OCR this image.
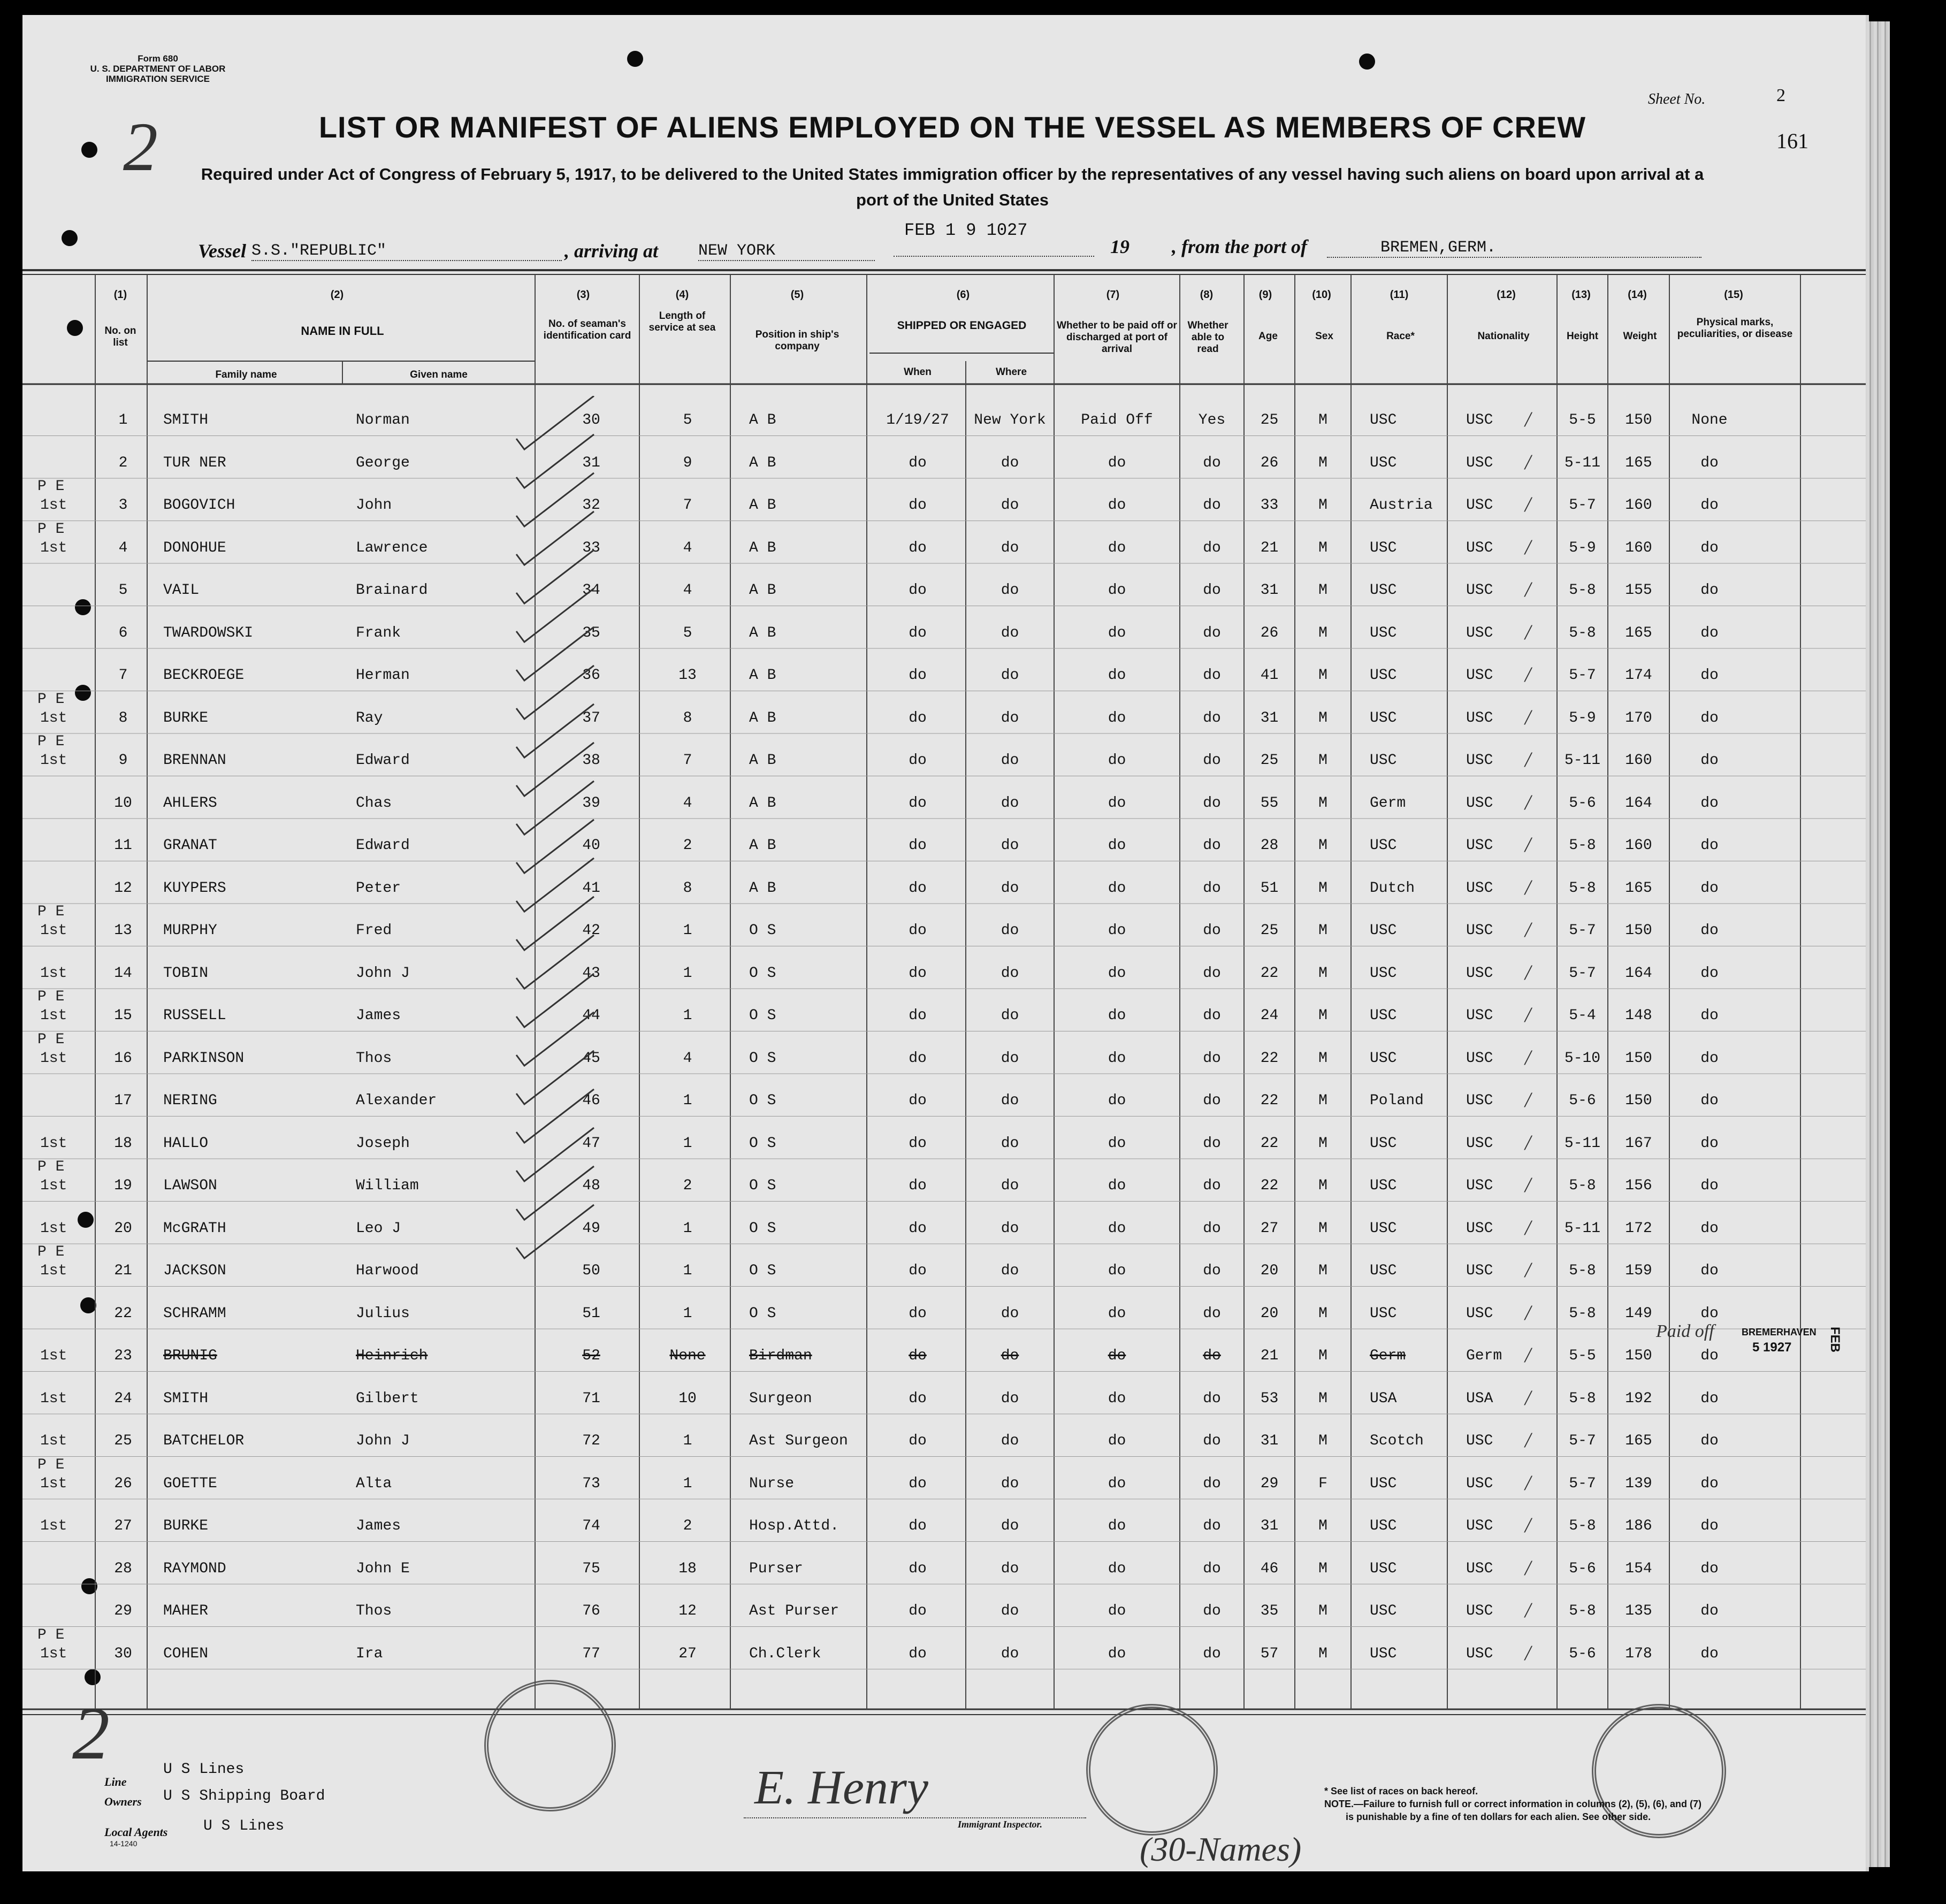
Form 680
U. S. DEPARTMENT OF LABOR
IMMIGRATION SERVICE
2
Sheet No.	2
161
LIST OR MANIFEST OF ALIENS EMPLOYED ON THE VESSEL AS MEMBERS OF CREW
Required under Act of Congress of February 5, 1917, to be delivered to the United States immigration officer by the representatives of any vessel having such aliens on board upon arrival at a
port of the United States
Vessel S.S."REPUBLIC"	, arriving at NEW YORK
FEB 1 9 1027
19 , from the port of	BREMEN,GERM.
(1)	(2)	(3)	(4)	(5)	(6)	(7)	(8)	(9)	(10)	(11)	(12)	(13)	(14)	(15)
No. on list
NAME IN FULL
Family name	Given name
No. of seaman's identification card
Length of service at sea
Position in ship's company
SHIPPED OR ENGAGED
When	Where
Whether to be paid off or discharged at port of arrival
Whether able to read
Age	Sex	Race*	Nationality	Height	Weight
Physical marks, peculiarities, or disease
1	SMITH	Norman	30	5	A B	1/19/27	New York	Paid Off	Yes	25	M	USC	USC	/	5-5	150	None
2	TUR NER	George	31	9	A B	do	do	do	do	26	M	USC	USC	/	5-11	165	do
P E
1st	3	BOGOVICH	John	32	7	A B	do	do	do	do	33	M	Austria	USC	/	5-7	160	do
P E
1st	4	DONOHUE	Lawrence	33	4	A B	do	do	do	do	21	M	USC	USC	/	5-9	160	do
5	VAIL	Brainard	34	4	A B	do	do	do	do	31	M	USC	USC	/	5-8	155	do
6	TWARDOWSKI	Frank	35	5	A B	do	do	do	do	26	M	USC	USC	/	5-8	165	do
7	BECKROEGE	Herman	36	13	A B	do	do	do	do	41	M	USC	USC	/	5-7	174	do
P E
1st	8	BURKE	Ray	37	8	A B	do	do	do	do	31	M	USC	USC	/	5-9	170	do
P E
1st	9	BRENNAN	Edward	38	7	A B	do	do	do	do	25	M	USC	USC	/	5-11	160	do
10	AHLERS	Chas	39	4	A B	do	do	do	do	55	M	Germ	USC	/	5-6	164	do
11	GRANAT	Edward	40	2	A B	do	do	do	do	28	M	USC	USC	/	5-8	160	do
12	KUYPERS	Peter	41	8	A B	do	do	do	do	51	M	Dutch	USC	/	5-8	165	do
P E
1st	13	MURPHY	Fred	42	1	O S	do	do	do	do	25	M	USC	USC	/	5-7	150	do
1st	14	TOBIN	John J	43	1	O S	do	do	do	do	22	M	USC	USC	/	5-7	164	do
P E
1st	15	RUSSELL	James	44	1	O S	do	do	do	do	24	M	USC	USC	/	5-4	148	do
P E
1st	16	PARKINSON	Thos	45	4	O S	do	do	do	do	22	M	USC	USC	/	5-10	150	do
17	NERING	Alexander	46	1	O S	do	do	do	do	22	M	Poland	USC	/	5-6	150	do
1st	18	HALLO	Joseph	47	1	O S	do	do	do	do	22	M	USC	USC	/	5-11	167	do
P E
1st	19	LAWSON	William	48	2	O S	do	do	do	do	22	M	USC	USC	/	5-8	156	do
1st	20	McGRATH	Leo J	49	1	O S	do	do	do	do	27	M	USC	USC	/	5-11	172	do
P E
1st	21	JACKSON	Harwood	50	1	O S	do	do	do	do	20	M	USC	USC	/	5-8	159	do
22	SCHRAMM	Julius	51	1	O S	do	do	do	do	20	M	USC	USC	/	5-8	149	do
1st	23	BRUNIG	Heinrich	52	None	Birdman	do	do	do	do	21	M	Germ	Germ	/	5-5	150	do
1st	24	SMITH	Gilbert	71	10	Surgeon	do	do	do	do	53	M	USA	USA	/	5-8	192	do
1st	25	BATCHELOR	John J	72	1	Ast Surgeon	do	do	do	do	31	M	Scotch	USC	/	5-7	165	do
P E
1st	26	GOETTE	Alta	73	1	Nurse	do	do	do	do	29	F	USC	USC	/	5-7	139	do
1st	27	BURKE	James	74	2	Hosp.Attd.	do	do	do	do	31	M	USC	USC	/	5-8	186	do
28	RAYMOND	John E	75	18	Purser	do	do	do	do	46	M	USC	USC	/	5-6	154	do
29	MAHER	Thos	76	12	Ast Purser	do	do	do	do	35	M	USC	USC	/	5-8	135	do
P E
1st	30	COHEN	Ira	77	27	Ch.Clerk	do	do	do	do	57	M	USC	USC	/	5-6	178	do
Paid off	BREMERHAVEN
5 1927	FEB
Line
U S Lines
Owners U S Shipping Board
Local Agents U S Lines
14-1240
E. Henry
Immigrant Inspector.
(30-Names)
2
* See list of races on back hereof.
NOTE.—Failure to furnish full or correct information in columns (2), (5), (6), and (7)
is punishable by a fine of ten dollars for each alien. See other side.
